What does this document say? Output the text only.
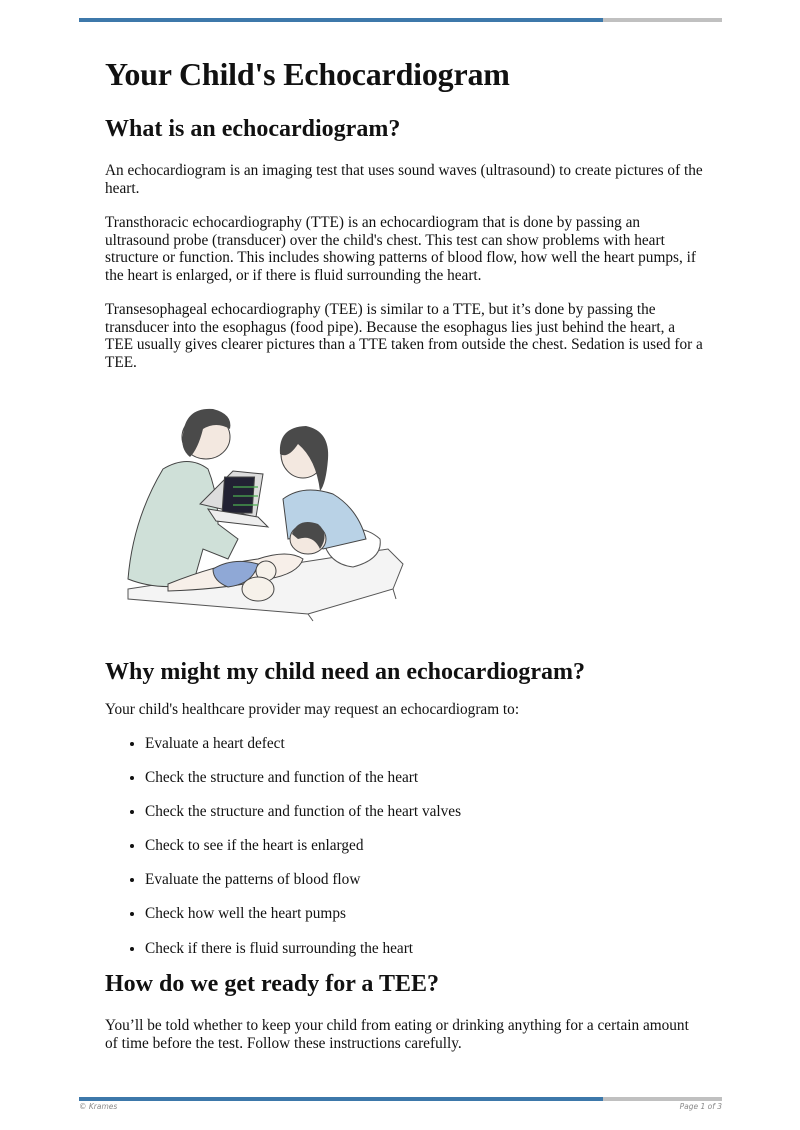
Your Child's Echocardiogram
What is an echocardiogram?

An echocardiogram is an imaging test that uses sound waves (ultrasound) to create pictures of the heart.

Transthoracic echocardiography (TTE) is an echocardiogram that is done by passing an ultrasound probe (transducer) over the child's chest. This test can show problems with heart structure or function. This includes showing patterns of blood flow, how well the heart pumps, if the heart is enlarged, or if there is fluid surrounding the heart.

Transesophageal echocardiography (TEE) is similar to a TTE, but it’s done by passing the transducer into the esophagus (food pipe). Because the esophagus lies just behind the heart, a TEE usually gives clearer pictures than a TTE taken from outside the chest. Sedation is used for a TEE.

Why might my child need an echocardiogram?

Your child's healthcare provider may request an echocardiogram to:

• Evaluate a heart defect
• Check the structure and function of the heart
• Check the structure and function of the heart valves
• Check to see if the heart is enlarged
• Evaluate the patterns of blood flow
• Check how well the heart pumps
• Check if there is fluid surrounding the heart
How do we get ready for a TEE?

You’ll be told whether to keep your child from eating or drinking anything for a certain amount of time before the test. Follow these instructions carefully.

© Krames	Page 1 of 3
